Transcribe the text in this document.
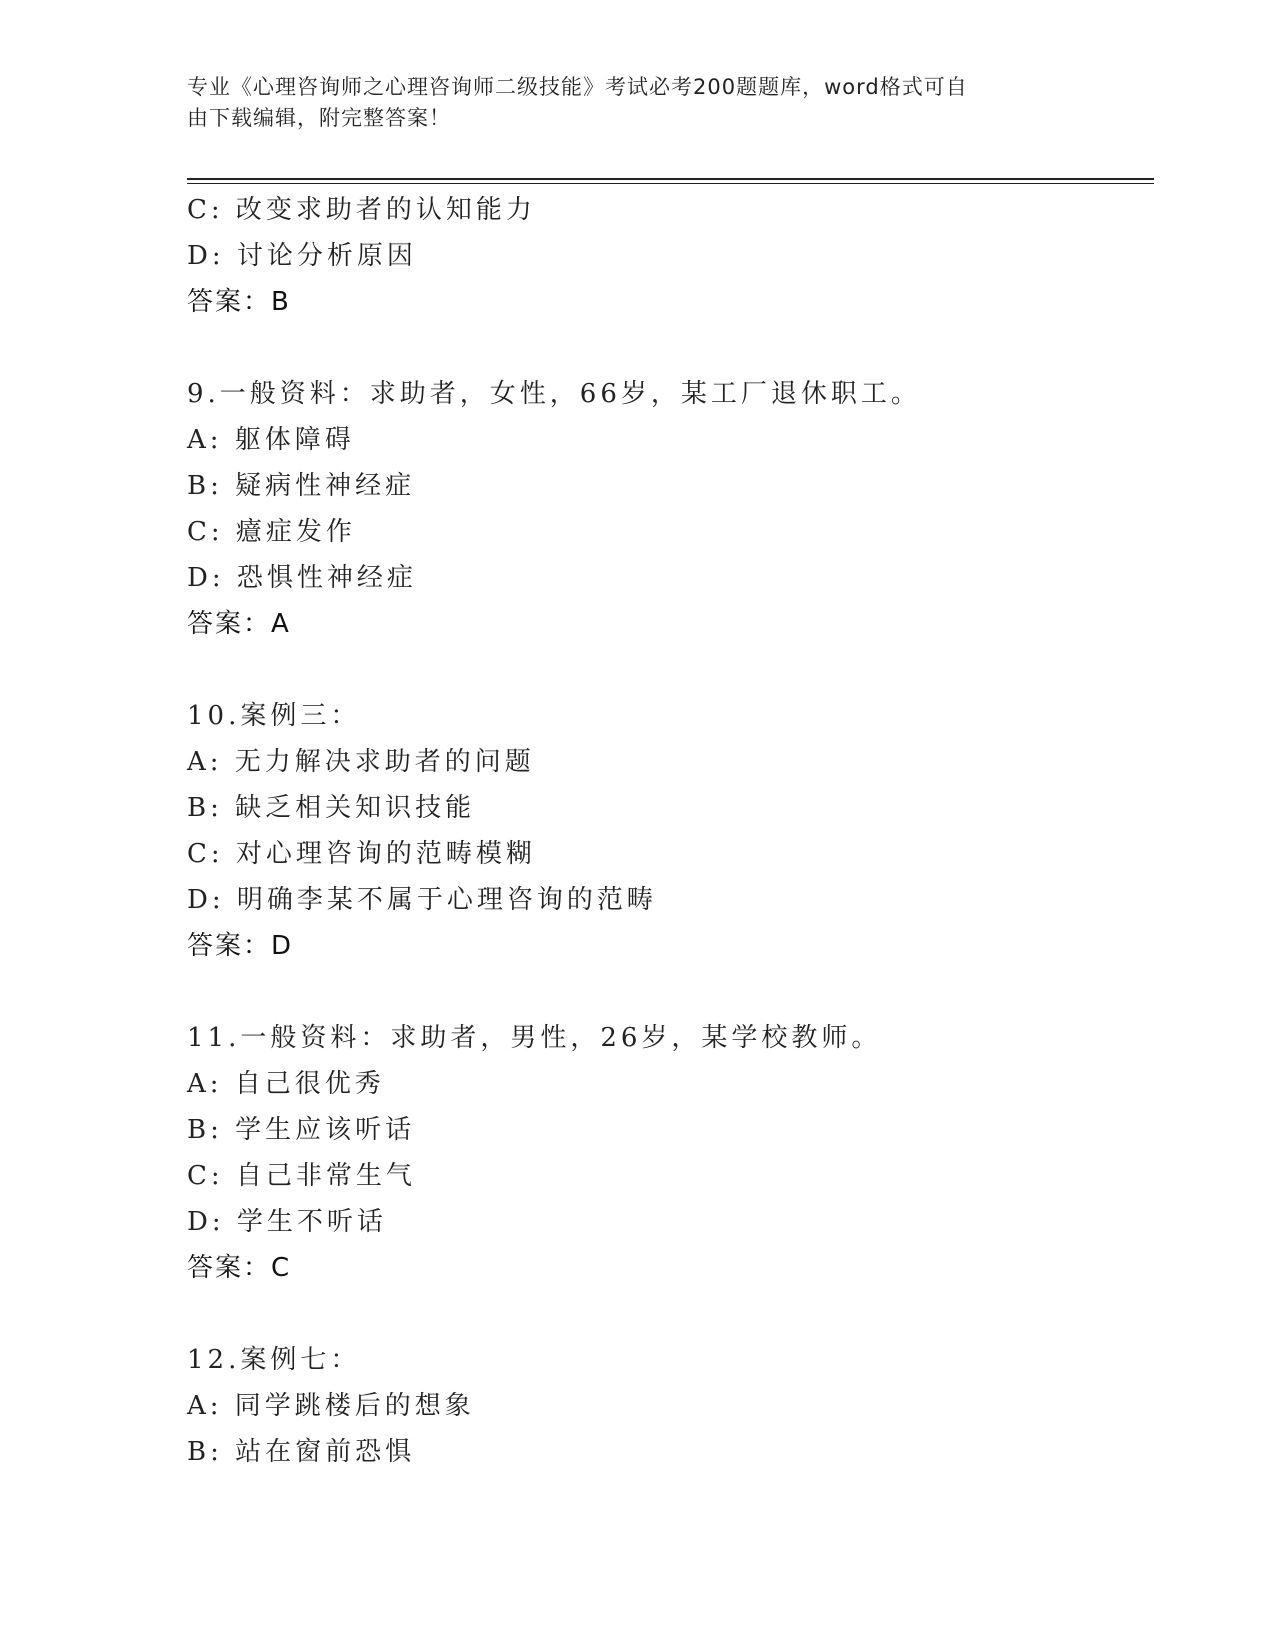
专业《心理咨询师之心理咨询师二级技能》考试必考200题题库，word格式可自
由下载编辑，附完整答案！
C: 改变求助者的认知能力
D: 讨论分析原因
答案：B
9.一般资料：求助者，女性，66岁，某工厂退休职工。
A: 躯体障碍
B: 疑病性神经症
C: 癔症发作
D: 恐惧性神经症
答案：A
10.案例三：
A: 无力解决求助者的问题
B: 缺乏相关知识技能
C: 对心理咨询的范畴模糊
D: 明确李某不属于心理咨询的范畴
答案：D
11.一般资料：求助者，男性，26岁，某学校教师。
A: 自己很优秀
B: 学生应该听话
C: 自己非常生气
D: 学生不听话
答案：C
12.案例七：
A: 同学跳楼后的想象
B: 站在窗前恐惧
